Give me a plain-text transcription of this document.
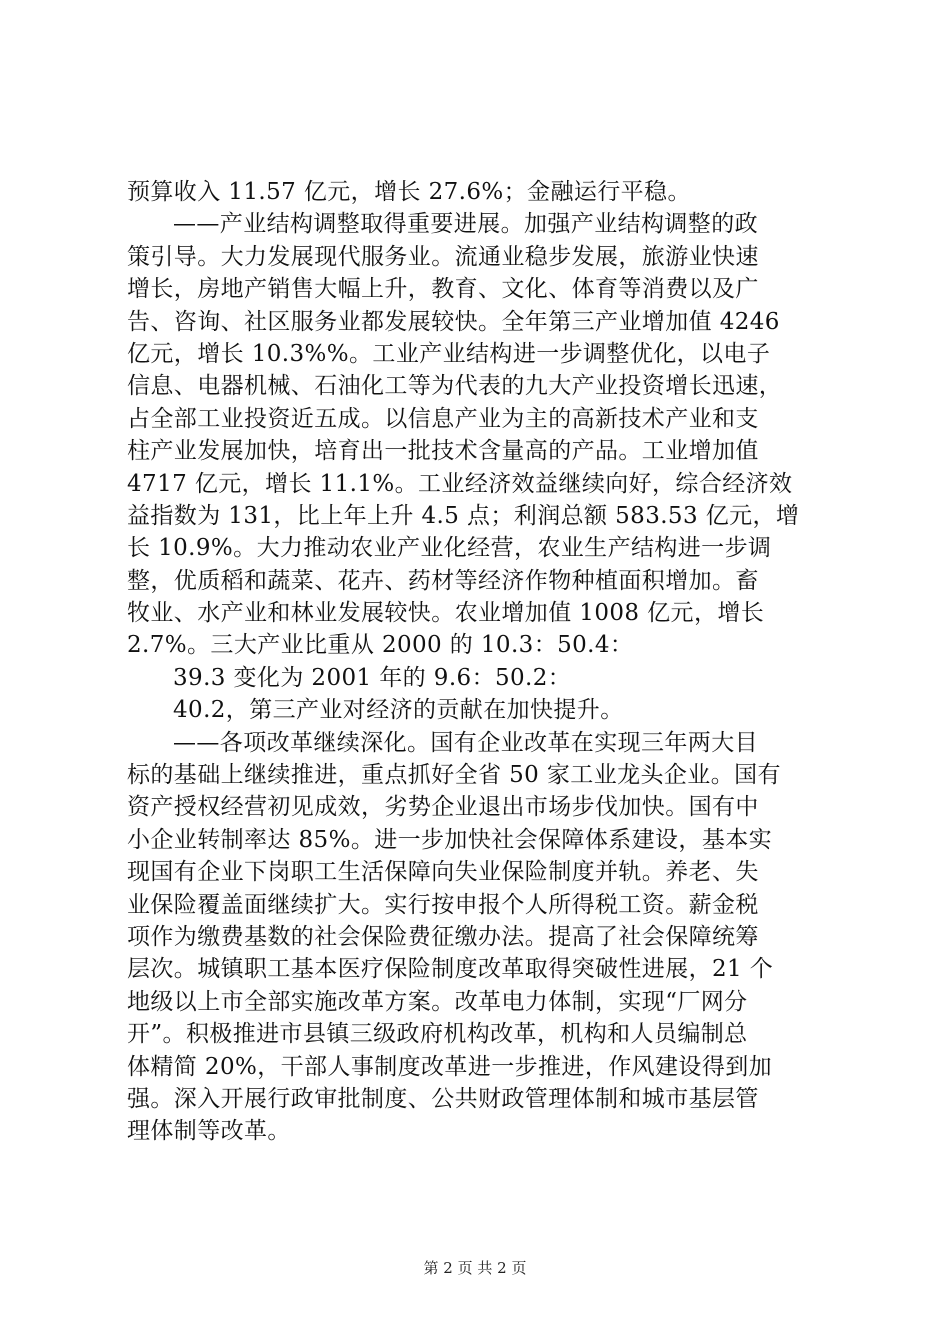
预算收入 11.57 亿元，增长 27.6%；金融运行平稳。
——产业结构调整取得重要进展。加强产业结构调整的政
策引导。大力发展现代服务业。流通业稳步发展，旅游业快速
增长，房地产销售大幅上升，教育、文化、体育等消费以及广
告、咨询、社区服务业都发展较快。全年第三产业增加值 4246
亿元，增长 10.3%%。工业产业结构进一步调整优化，以电子
信息、电器机械、石油化工等为代表的九大产业投资增长迅速，
占全部工业投资近五成。以信息产业为主的高新技术产业和支
柱产业发展加快，培育出一批技术含量高的产品。工业增加值
4717 亿元，增长 11.1%。工业经济效益继续向好，综合经济效
益指数为 131，比上年上升 4.5 点；利润总额 583.53 亿元，增
长 10.9%。大力推动农业产业化经营，农业生产结构进一步调
整，优质稻和蔬菜、花卉、药材等经济作物种植面积增加。畜
牧业、水产业和林业发展较快。农业增加值 1008 亿元，增长
2.7%。三大产业比重从 2000 的 10.3：50.4：
39.3 变化为 2001 年的 9.6：50.2：
40.2，第三产业对经济的贡献在加快提升。
——各项改革继续深化。国有企业改革在实现三年两大目
标的基础上继续推进，重点抓好全省 50 家工业龙头企业。国有
资产授权经营初见成效，劣势企业退出市场步伐加快。国有中
小企业转制率达 85%。进一步加快社会保障体系建设，基本实
现国有企业下岗职工生活保障向失业保险制度并轨。养老、失
业保险覆盖面继续扩大。实行按申报个人所得税工资。薪金税
项作为缴费基数的社会保险费征缴办法。提高了社会保障统筹
层次。城镇职工基本医疗保险制度改革取得突破性进展，21 个
地级以上市全部实施改革方案。改革电力体制，实现“厂网分
开”。积极推进市县镇三级政府机构改革，机构和人员编制总
体精简 20%，干部人事制度改革进一步推进，作风建设得到加
强。深入开展行政审批制度、公共财政管理体制和城市基层管
理体制等改革。
第 2 页 共 2 页
